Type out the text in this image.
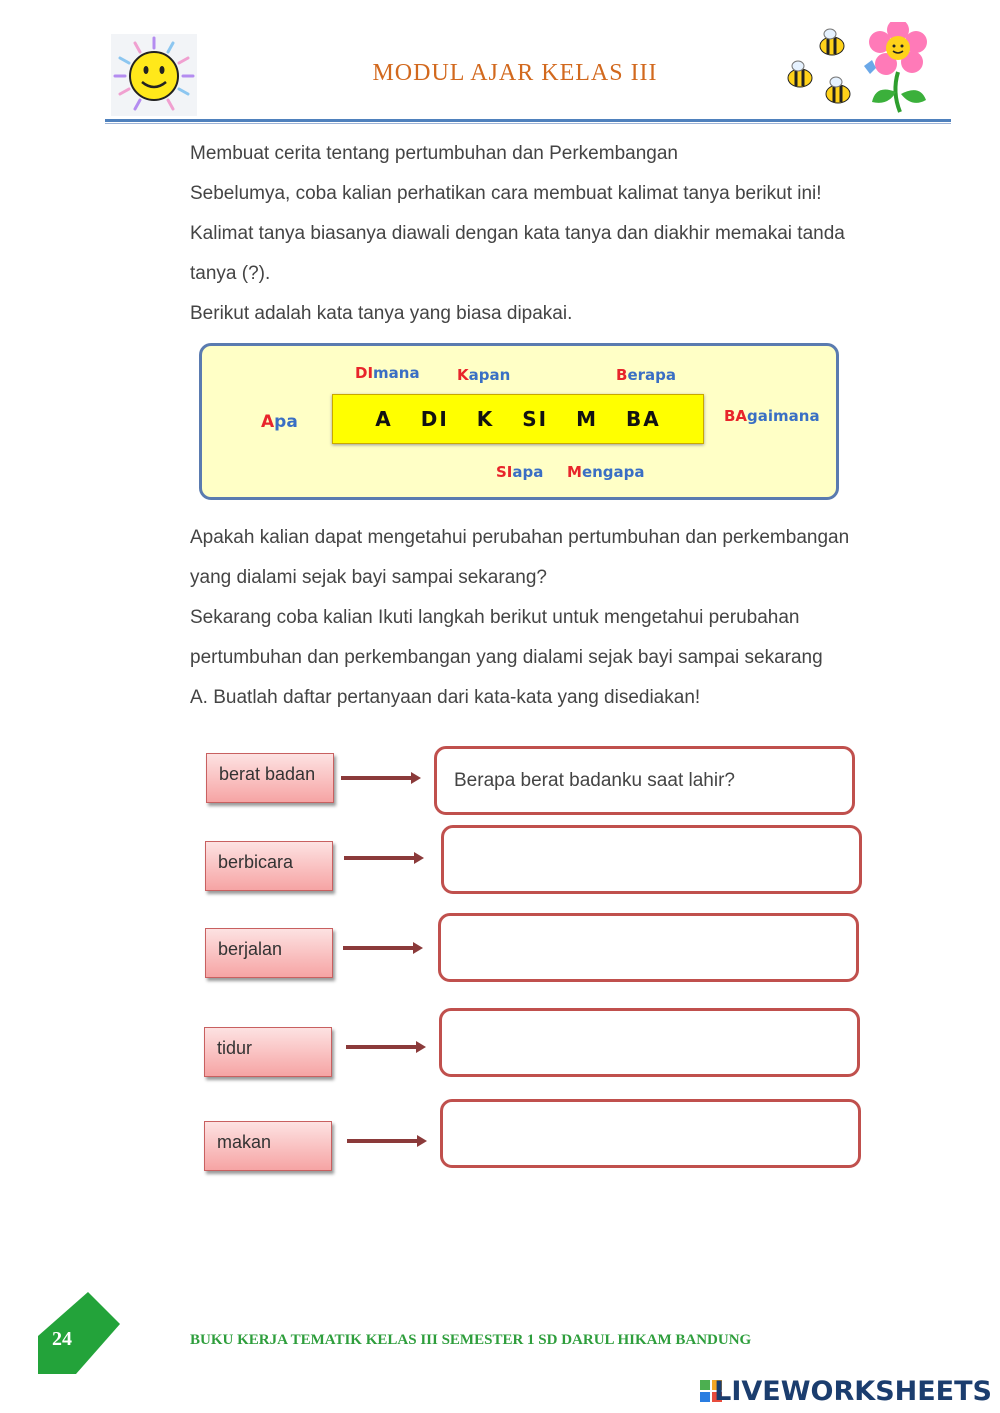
MODUL AJAR KELAS III
Membuat cerita tentang pertumbuhan dan Perkembangan
Sebelumya, coba kalian perhatikan cara membuat kalimat tanya berikut ini!
Kalimat tanya biasanya diawali dengan kata tanya dan diakhir memakai tanda
tanya (?).
Berikut adalah kata tanya yang biasa dipakai.
DImana Kapan	Berapa
Apa	BAgaimana
SIapa Mengapa
A DI K SI M BA
Apakah kalian dapat mengetahui perubahan pertumbuhan dan perkembangan
yang dialami sejak bayi sampai sekarang?
Sekarang coba kalian Ikuti langkah berikut untuk mengetahui perubahan
pertumbuhan dan perkembangan yang dialami sejak bayi sampai sekarang
A. Buatlah daftar pertanyaan dari kata-kata yang disediakan!
berat badan	Berapa berat badanku saat lahir?
berbicara
berjalan
tidur
makan
24	BUKU KERJA TEMATIK KELAS III SEMESTER 1 SD DARUL HIKAM BANDUNG
LIVEWORKSHEETS
